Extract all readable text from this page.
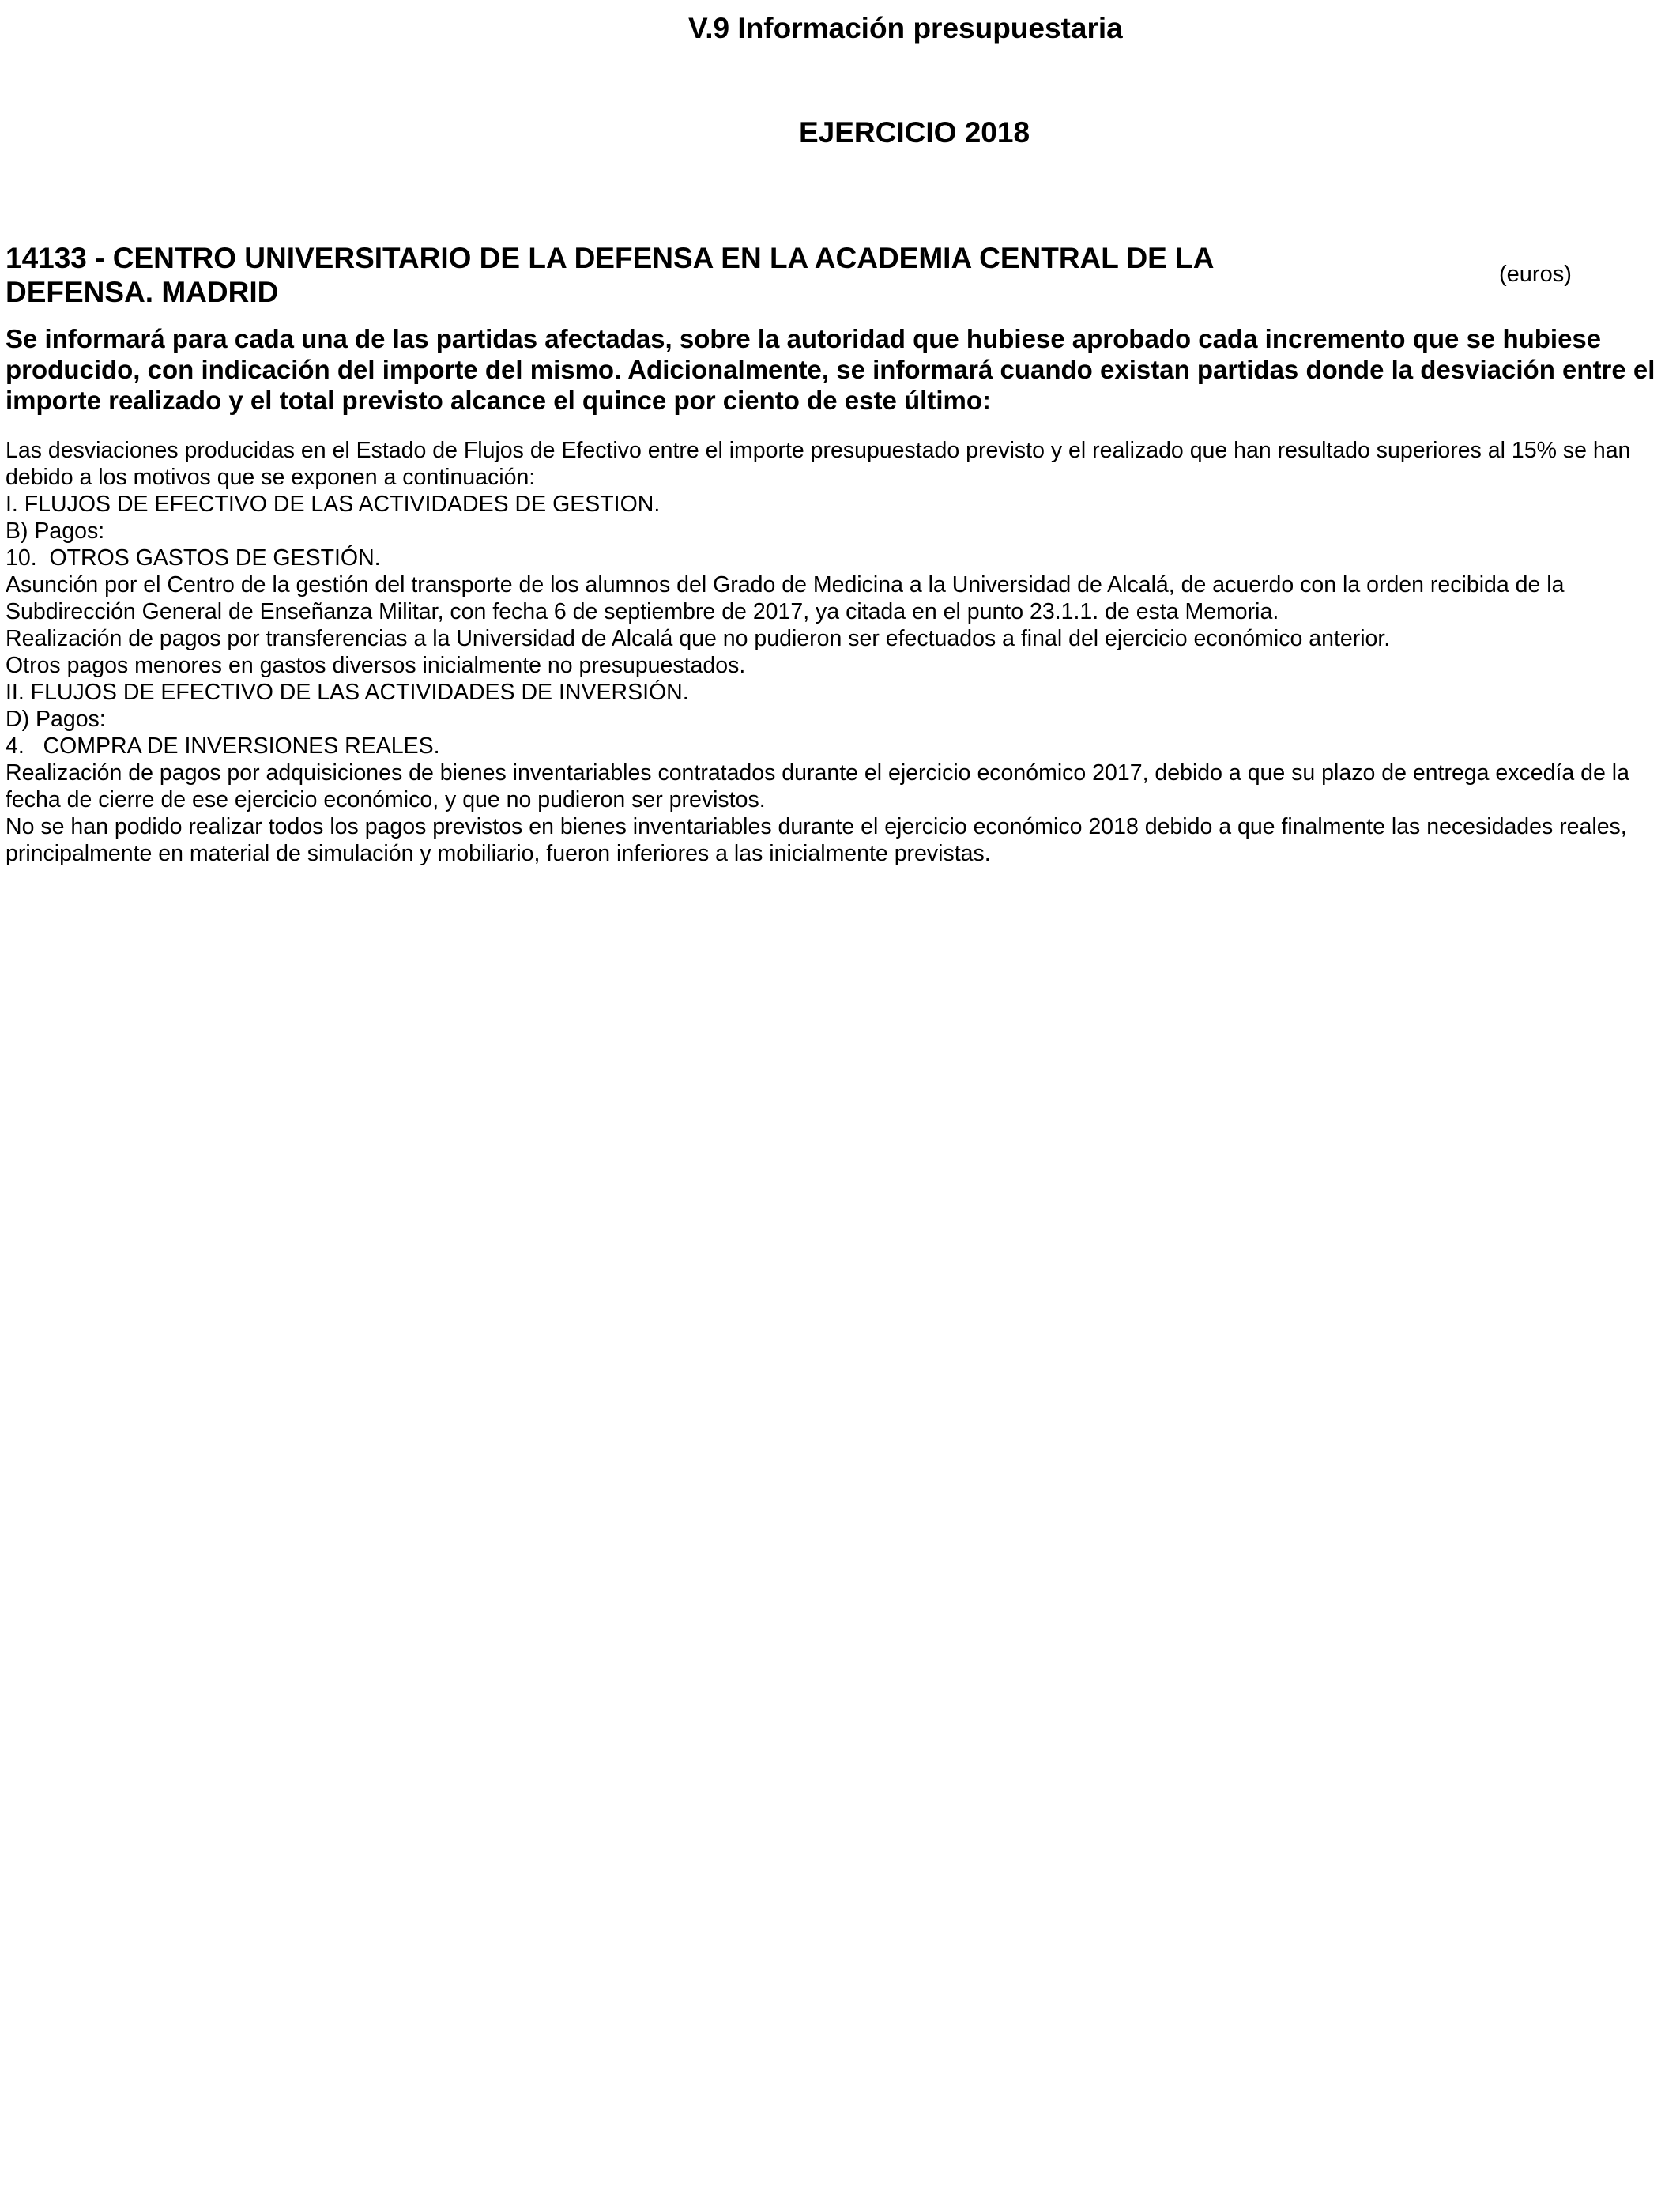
V.9 Información presupuestaria
EJERCICIO 2018
14133 - CENTRO UNIVERSITARIO DE LA DEFENSA EN LA ACADEMIA CENTRAL DE LA DEFENSA. MADRID
(euros)

Se informará para cada una de las partidas afectadas, sobre la autoridad que hubiese aprobado cada incremento que se hubiese producido, con indicación del importe del mismo. Adicionalmente, se informará cuando existan partidas donde la desviación entre el importe realizado y el total previsto alcance el quince por ciento de este último:

Las desviaciones producidas en el Estado de Flujos de Efectivo entre el importe presupuestado previsto y el realizado que han resultado superiores al 15% se han debido a los motivos que se exponen a continuación:
I. FLUJOS DE EFECTIVO DE LAS ACTIVIDADES DE GESTION.
B) Pagos:
10.  OTROS GASTOS DE GESTIÓN.
Asunción por el Centro de la gestión del transporte de los alumnos del Grado de Medicina a la Universidad de Alcalá, de acuerdo con la orden recibida de la Subdirección General de Enseñanza Militar, con fecha 6 de septiembre de 2017, ya citada en el punto 23.1.1. de esta Memoria.
Realización de pagos por transferencias a la Universidad de Alcalá que no pudieron ser efectuados a final del ejercicio económico anterior.
Otros pagos menores en gastos diversos inicialmente no presupuestados.
II. FLUJOS DE EFECTIVO DE LAS ACTIVIDADES DE INVERSIÓN.
D) Pagos:
4.   COMPRA DE INVERSIONES REALES.
Realización de pagos por adquisiciones de bienes inventariables contratados durante el ejercicio económico 2017, debido a que su plazo de entrega excedía de la fecha de cierre de ese ejercicio económico, y que no pudieron ser previstos.
No se han podido realizar todos los pagos previstos en bienes inventariables durante el ejercicio económico 2018 debido a que finalmente las necesidades reales, principalmente en material de simulación y mobiliario, fueron inferiores a las inicialmente previstas.
